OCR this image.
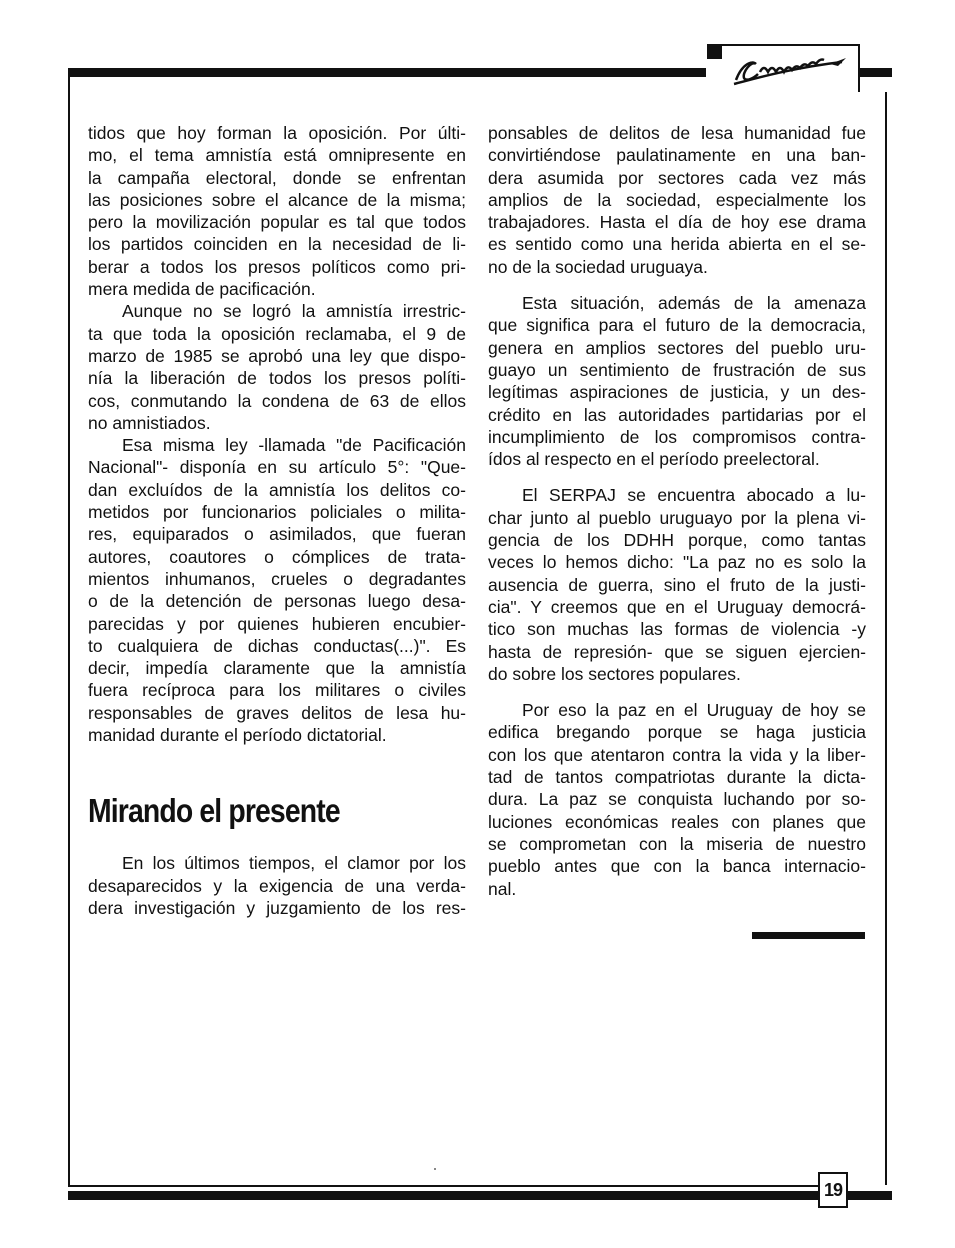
tidos que hoy forman la oposición. Por últi-
mo, el tema amnistía está omnipresente en
la campaña electoral, donde se enfrentan
las posiciones sobre el alcance de la misma;
pero la movilización popular es tal que todos
los partidos coinciden en la necesidad de li-
berar a todos los presos políticos como pri-
mera medida de pacificación.

Aunque no se logró la amnistía irrestric-
ta que toda la oposición reclamaba, el 9 de
marzo de 1985 se aprobó una ley que dispo-
nía la liberación de todos los presos políti-
cos, conmutando la condena de 63 de ellos
no amnistiados.

Esa misma ley -llamada "de Pacificación
Nacional"- disponía en su artículo 5°: "Que-
dan excluídos de la amnistía los delitos co-
metidos por funcionarios policiales o milita-
res, equiparados o asimilados, que fueran
autores, coautores o cómplices de trata-
mientos inhumanos, crueles o degradantes
o de la detención de personas luego desa-
parecidas y por quienes hubieren encubier-
to cualquiera de dichas conductas(...)". Es
decir, impedía claramente que la amnistía
fuera recíproca para los militares o civiles
responsables de graves delitos de lesa hu-
manidad durante el período dictatorial.

Mirando el presente

En los últimos tiempos, el clamor por los
desaparecidos y la exigencia de una verda-
dera investigación y juzgamiento de los res-

ponsables de delitos de lesa humanidad fue
convirtiéndose paulatinamente en una ban-
dera asumida por sectores cada vez más
amplios de la sociedad, especialmente los
trabajadores. Hasta el día de hoy ese drama
es sentido como una herida abierta en el se-
no de la sociedad uruguaya.

Esta situación, además de la amenaza
que significa para el futuro de la democracia,
genera en amplios sectores del pueblo uru-
guayo un sentimiento de frustración de sus
legítimas aspiraciones de justicia, y un des-
crédito en las autoridades partidarias por el
incumplimiento de los compromisos contra-
ídos al respecto en el período preelectoral.

El SERPAJ se encuentra abocado a lu-
char junto al pueblo uruguayo por la plena vi-
gencia de los DDHH porque, como tantas
veces lo hemos dicho: "La paz no es solo la
ausencia de guerra, sino el fruto de la justi-
cia". Y creemos que en el Uruguay democrá-
tico son muchas las formas de violencia -y
hasta de represión- que se siguen ejercien-
do sobre los sectores populares.

Por eso la paz en el Uruguay de hoy se
edifica bregando porque se haga justicia
con los que atentaron contra la vida y la liber-
tad de tantos compatriotas durante la dicta-
dura. La paz se conquista luchando por so-
luciones económicas reales con planes que
se comprometan con la miseria de nuestro
pueblo antes que con la banca internacio-
nal.

19
